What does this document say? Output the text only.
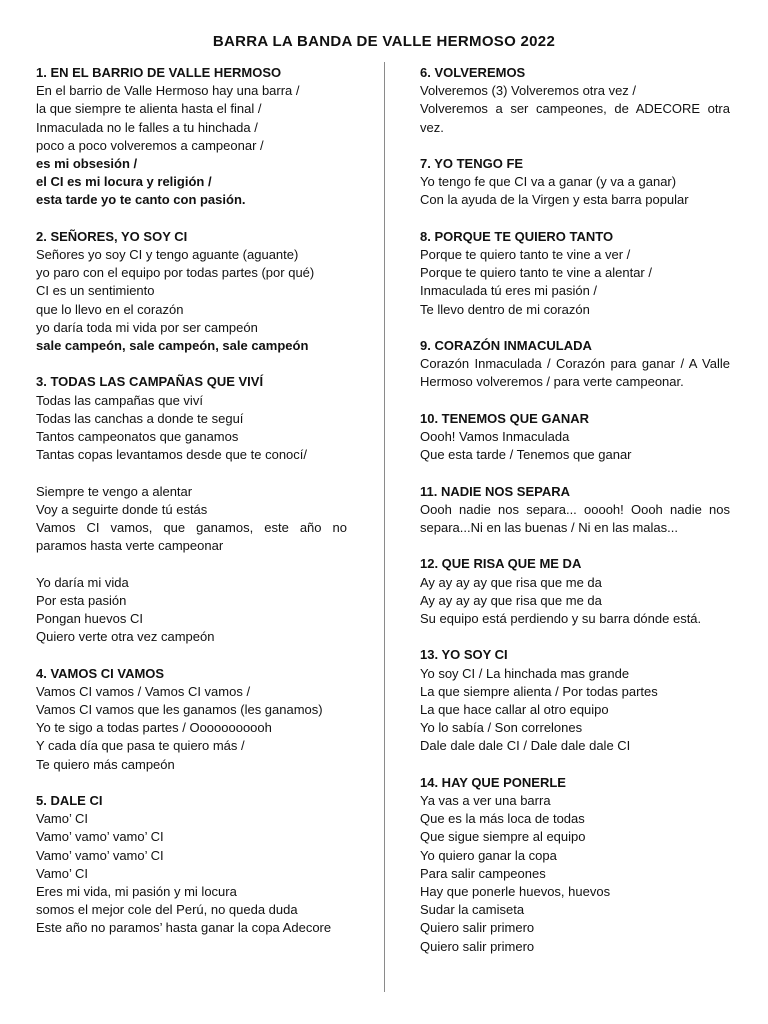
BARRA LA BANDA DE VALLE HERMOSO 2022
1. EN EL BARRIO DE VALLE HERMOSO
En el barrio de Valle Hermoso hay una barra /
la que siempre te alienta hasta el final /
Inmaculada no le falles a tu hinchada /
poco a poco volveremos a campeonar /
es mi obsesión /
el CI es mi locura y religión /
esta tarde yo te canto con pasión.
2. SEÑORES, YO SOY CI
Señores yo soy CI y tengo aguante (aguante)
yo paro con el equipo por todas partes (por qué)
CI es un sentimiento
que lo llevo en el corazón
yo daría toda mi vida por ser campeón
sale campeón, sale campeón, sale campeón
3. TODAS LAS CAMPAÑAS QUE VIVÍ
Todas las campañas que viví
Todas las canchas a donde te seguí
Tantos campeonatos que ganamos
Tantas copas levantamos desde que te conocí/
Siempre te vengo a alentar
Voy a seguirte donde tú estás
Vamos CI vamos, que ganamos, este año no paramos hasta verte campeonar
Yo daría mi vida
Por esta pasión
Pongan huevos CI
Quiero verte otra vez campeón
4. VAMOS CI VAMOS
Vamos CI vamos / Vamos CI vamos /
Vamos CI vamos que les ganamos (les ganamos)
Yo te sigo a todas partes / Ooooooooooh
Y cada día que pasa te quiero más /
Te quiero más campeón
5. DALE CI
Vamo’ CI
Vamo’ vamo’ vamo’ CI
Vamo’ vamo’ vamo’ CI
Vamo’ CI
Eres mi vida, mi pasión y mi locura
somos el mejor cole del Perú, no queda duda
Este año no paramos’ hasta ganar la copa Adecore
6. VOLVEREMOS
Volveremos (3) Volveremos otra vez /
Volveremos a ser campeones, de ADECORE otra vez.
7. YO TENGO FE
Yo tengo fe que CI va a ganar (y va a ganar)
Con la ayuda de la Virgen y esta barra popular
8. PORQUE TE QUIERO TANTO
Porque te quiero tanto te vine a ver /
Porque te quiero tanto te vine a alentar /
Inmaculada tú eres mi pasión /
Te llevo dentro de mi corazón
9. CORAZÓN INMACULADA
Corazón Inmaculada / Corazón para ganar / A Valle Hermoso volveremos / para verte campeonar.
10. TENEMOS QUE GANAR
Oooh! Vamos Inmaculada
Que esta tarde / Tenemos que ganar
11. NADIE NOS SEPARA
Oooh nadie nos separa... ooooh! Oooh nadie nos separa...Ni en las buenas / Ni en las malas...
12. QUE RISA QUE ME DA
Ay ay ay ay que risa que me da
Ay ay ay ay que risa que me da
Su equipo está perdiendo y su barra dónde está.
13. YO SOY CI
Yo soy CI / La hinchada mas grande
La que siempre alienta / Por todas partes
La que hace callar al otro equipo
Yo lo sabía / Son correlones
Dale dale dale CI / Dale dale dale CI
14. HAY QUE PONERLE
Ya vas a ver una barra
Que es la más loca de todas
Que sigue siempre al equipo
Yo quiero ganar la copa
Para salir campeones
Hay que ponerle huevos, huevos
Sudar la camiseta
Quiero salir primero
Quiero salir primero
